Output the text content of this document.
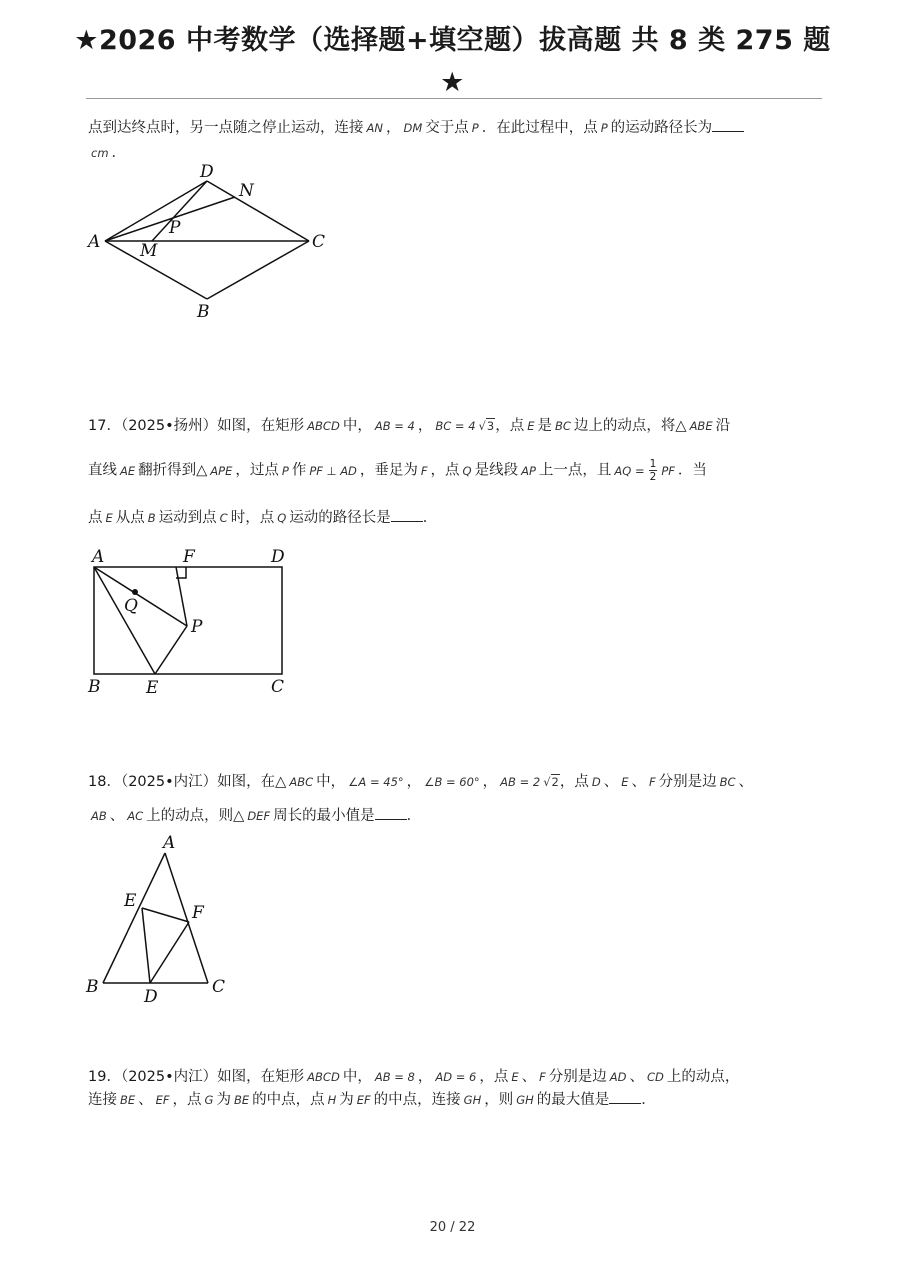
★2026 中考数学（选择题+填空题）拔高题 共 8 类 275 题
★
点到达终点时，另一点随之停止运动，连接 AN ， DM 交于点 P ．在此过程中，点 P 的运动路径长为
cm ．
D
N
A
P
M	C
B
17．（2025•扬州）如图，在矩形 ABCD 中， AB = 4 ， BC = 4 √3，点 E 是 BC 边上的动点，将△ ABE 沿
直线 AE 翻折得到△ APE ，过点 P 作 PF ⊥ AD ，垂足为 F ，点 Q 是线段 AP 上一点，且 AQ = $\frac{1}{2}$ PF ．当
点 E 从点 B 运动到点 C 时，点 Q 运动的路径长是 ．
A	F	D
Q
P
B	E	C
18．（2025•内江）如图，在△ ABC 中， ∠A = 45° ， ∠B = 60° ， AB = 2 √2，点 D 、 E 、 F 分别是边 BC 、
AB 、 AC 上的动点，则△ DEF 周长的最小值是 ．
A
E
F
B	D	C
19．（2025•内江）如图，在矩形 ABCD 中， AB = 8 ， AD = 6 ，点 E 、 F 分别是边 AD 、 CD 上的动点，
连接 BE 、 EF ，点 G 为 BE 的中点，点 H 为 EF 的中点，连接 GH ，则 GH 的最大值是 ．
20 / 22
